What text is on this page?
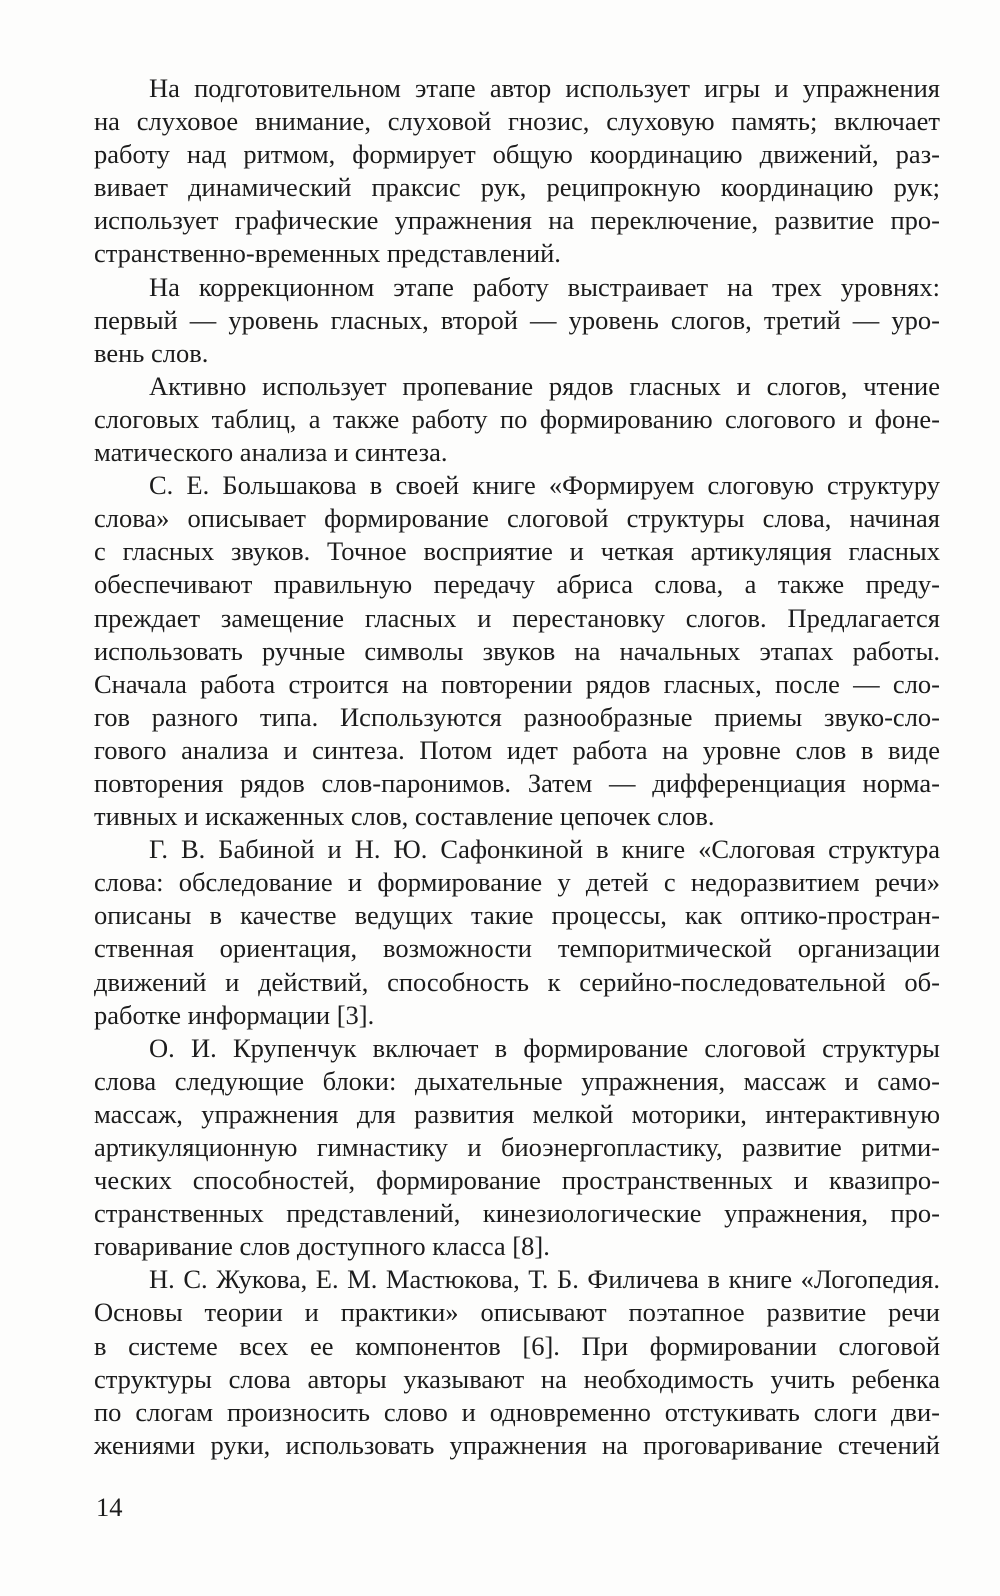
На подготовительном этапе автор использует игры и упражнения
на слуховое внимание, слуховой гнозис, слуховую память; включает
работу над ритмом, формирует общую координацию движений, раз-
вивает динамический праксис рук, реципрокную координацию рук;
использует графические упражнения на переключение, развитие про-
странственно-временных представлений.
На коррекционном этапе работу выстраивает на трех уровнях:
первый — уровень гласных, второй — уровень слогов, третий — уро-
вень слов.
Активно использует пропевание рядов гласных и слогов, чтение
слоговых таблиц, а также работу по формированию слогового и фоне-
матического анализа и синтеза.
С. Е. Большакова в своей книге «Формируем слоговую структуру
слова» описывает формирование слоговой структуры слова, начиная
с гласных звуков. Точное восприятие и четкая артикуляция гласных
обеспечивают правильную передачу абриса слова, а также преду-
преждает замещение гласных и перестановку слогов. Предлагается
использовать ручные символы звуков на начальных этапах работы.
Сначала работа строится на повторении рядов гласных, после — сло-
гов разного типа. Используются разнообразные приемы звуко-сло-
гового анализа и синтеза. Потом идет работа на уровне слов в виде
повторения рядов слов-паронимов. Затем — дифференциация норма-
тивных и искаженных слов, составление цепочек слов.
Г. В. Бабиной и Н. Ю. Сафонкиной в книге «Слоговая структура
слова: обследование и формирование у детей с недоразвитием речи»
описаны в качестве ведущих такие процессы, как оптико-простран-
ственная ориентация, возможности темпоритмической организации
движений и действий, способность к серийно-последовательной об-
работке информации [3].
О. И. Крупенчук включает в формирование слоговой структуры
слова следующие блоки: дыхательные упражнения, массаж и само-
массаж, упражнения для развития мелкой моторики, интерактивную
артикуляционную гимнастику и биоэнергопластику, развитие ритми-
ческих способностей, формирование пространственных и квазипро-
странственных представлений, кинезиологические упражнения, про-
говаривание слов доступного класса [8].
Н. С. Жукова, Е. М. Мастюкова, Т. Б. Филичева в книге «Логопедия.
Основы теории и практики» описывают поэтапное развитие речи
в системе всех ее компонентов [6]. При формировании слоговой
структуры слова авторы указывают на необходимость учить ребенка
по слогам произносить слово и одновременно отстукивать слоги дви-
жениями руки, использовать упражнения на проговаривание стечений
14
